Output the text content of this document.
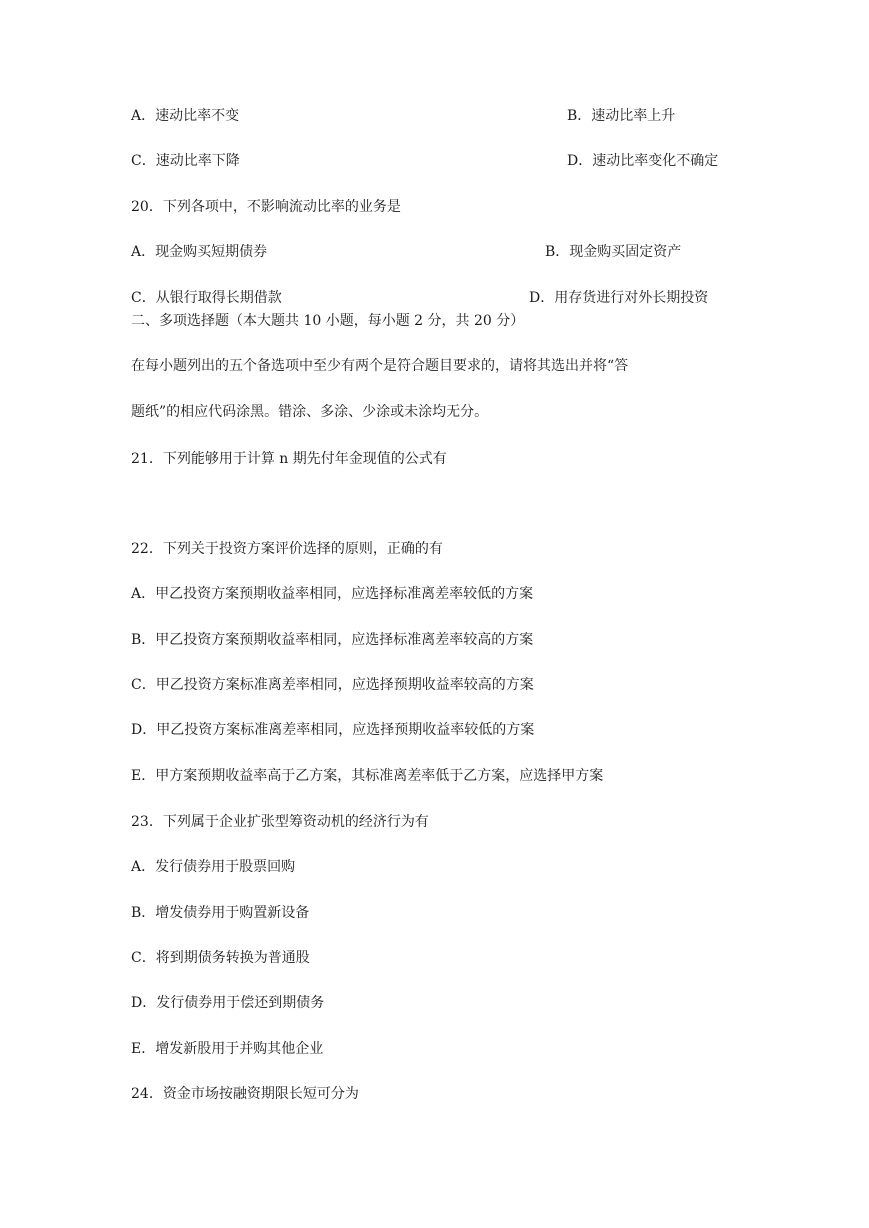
A．速动比率不变	B．速动比率上升
C．速动比率下降	D．速动比率变化不确定
20．下列各项中，不影响流动比率的业务是
A．现金购买短期债券	B．现金购买固定资产
C．从银行取得长期借款	D．用存货进行对外长期投资
二、多项选择题（本大题共 10 小题，每小题 2 分，共 20 分）
在每小题列出的五个备选项中至少有两个是符合题目要求的，请将其选出并将“答
题纸”的相应代码涂黑。错涂、多涂、少涂或未涂均无分。
21．下列能够用于计算 n 期先付年金现值的公式有
22．下列关于投资方案评价选择的原则，正确的有
A．甲乙投资方案预期收益率相同，应选择标准离差率较低的方案
B．甲乙投资方案预期收益率相同，应选择标准离差率较高的方案
C．甲乙投资方案标准离差率相同，应选择预期收益率较高的方案
D．甲乙投资方案标准离差率相同，应选择预期收益率较低的方案
E．甲方案预期收益率高于乙方案，其标准离差率低于乙方案，应选择甲方案
23．下列属于企业扩张型筹资动机的经济行为有
A．发行债券用于股票回购
B．增发债券用于购置新设备
C．将到期债务转换为普通股
D．发行债券用于偿还到期债务
E．增发新股用于并购其他企业
24．资金市场按融资期限长短可分为
